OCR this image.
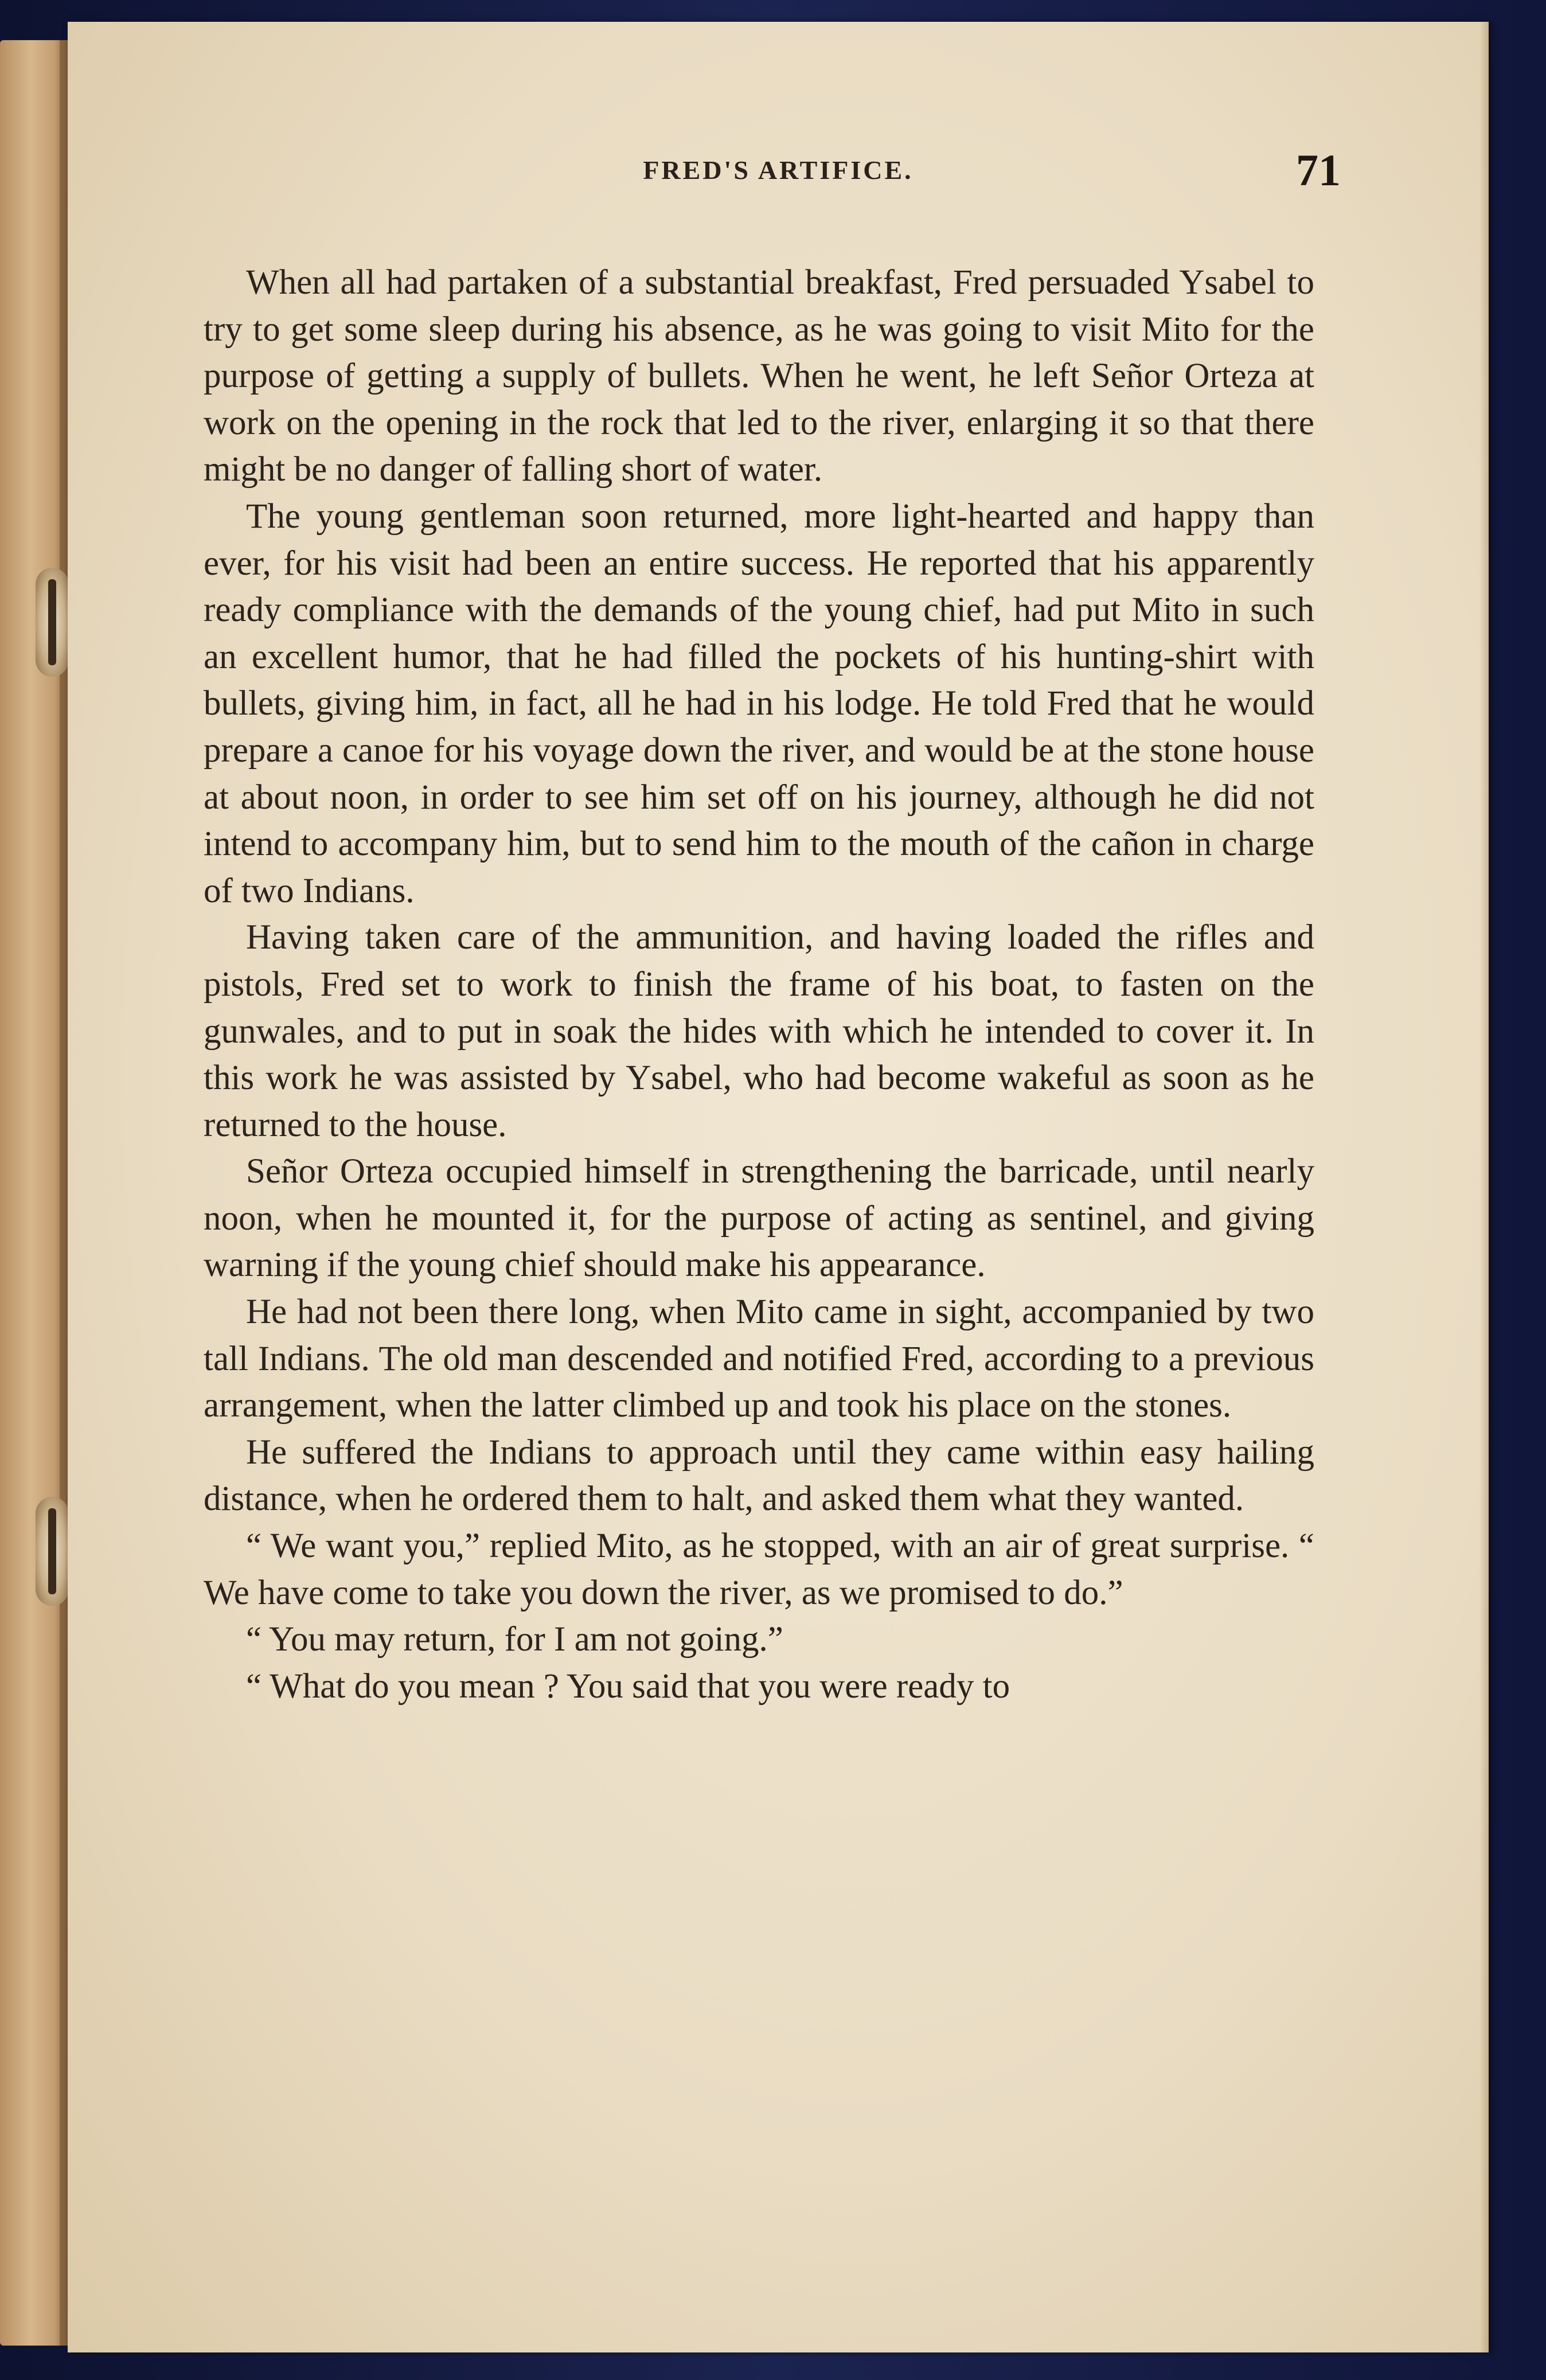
FRED'S ARTIFICE.	71

When all had partaken of a substantial breakfast, Fred persuaded Ysabel to try to get some sleep during his absence, as he was going to visit Mito for the purpose of getting a supply of bullets. When he went, he left Señor Orteza at work on the opening in the rock that led to the river, enlarging it so that there might be no danger of falling short of water.

The young gentleman soon returned, more light-hearted and happy than ever, for his visit had been an entire success. He reported that his apparently ready compliance with the demands of the young chief, had put Mito in such an excellent humor, that he had filled the pockets of his hunting-shirt with bullets, giving him, in fact, all he had in his lodge. He told Fred that he would prepare a canoe for his voyage down the river, and would be at the stone house at about noon, in order to see him set off on his journey, although he did not intend to accompany him, but to send him to the mouth of the cañon in charge of two Indians.

Having taken care of the ammunition, and having loaded the rifles and pistols, Fred set to work to finish the frame of his boat, to fasten on the gunwales, and to put in soak the hides with which he intended to cover it. In this work he was assisted by Ysabel, who had become wakeful as soon as he returned to the house.

Señor Orteza occupied himself in strengthening the barricade, until nearly noon, when he mounted it, for the purpose of acting as sentinel, and giving warning if the young chief should make his appearance.

He had not been there long, when Mito came in sight, accompanied by two tall Indians. The old man descended and notified Fred, according to a previous arrangement, when the latter climbed up and took his place on the stones.

He suffered the Indians to approach until they came within easy hailing distance, when he ordered them to halt, and asked them what they wanted.

“ We want you,” replied Mito, as he stopped, with an air of great surprise. “ We have come to take you down the river, as we promised to do.”

“ You may return, for I am not going.”

“ What do you mean ? You said that you were ready to
